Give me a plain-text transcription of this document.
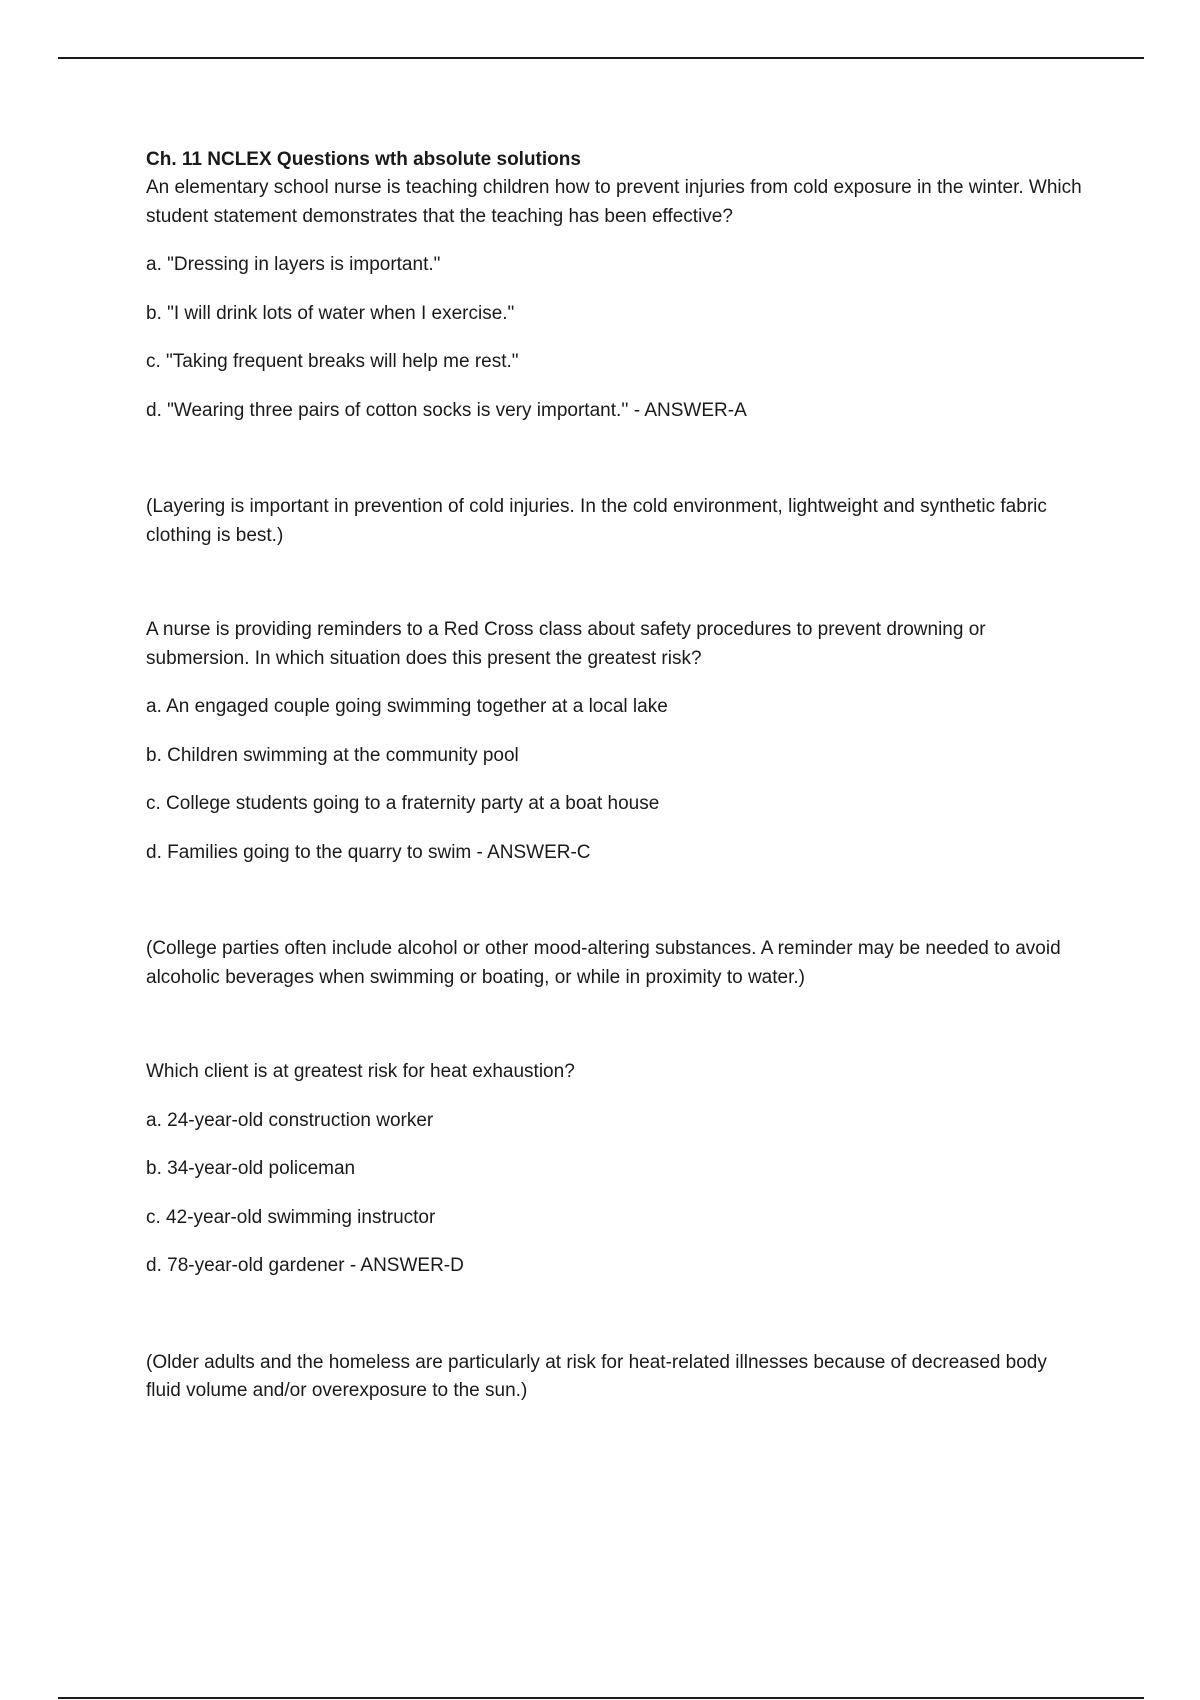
Ch. 11 NCLEX Questions wth absolute solutions

An elementary school nurse is teaching children how to prevent injuries from cold exposure in the winter. Which student statement demonstrates that the teaching has been effective?

a. "Dressing in layers is important."

b. "I will drink lots of water when I exercise."

c. "Taking frequent breaks will help me rest."

d. "Wearing three pairs of cotton socks is very important.'' - ANSWER-A

(Layering is important in prevention of cold injuries. In the cold environment, lightweight and synthetic fabric clothing is best.)

A nurse is providing reminders to a Red Cross class about safety procedures to prevent drowning or submersion. In which situation does this present the greatest risk?

a. An engaged couple going swimming together at a local lake

b. Children swimming at the community pool

c. College students going to a fraternity party at a boat house

d. Families going to the quarry to swim - ANSWER-C

(College parties often include alcohol or other mood-altering substances. A reminder may be needed to avoid alcoholic beverages when swimming or boating, or while in proximity to water.)

Which client is at greatest risk for heat exhaustion?

a. 24-year-old construction worker

b. 34-year-old policeman

c. 42-year-old swimming instructor

d. 78-year-old gardener - ANSWER-D

(Older adults and the homeless are particularly at risk for heat-related illnesses because of decreased body fluid volume and/or overexposure to the sun.)
